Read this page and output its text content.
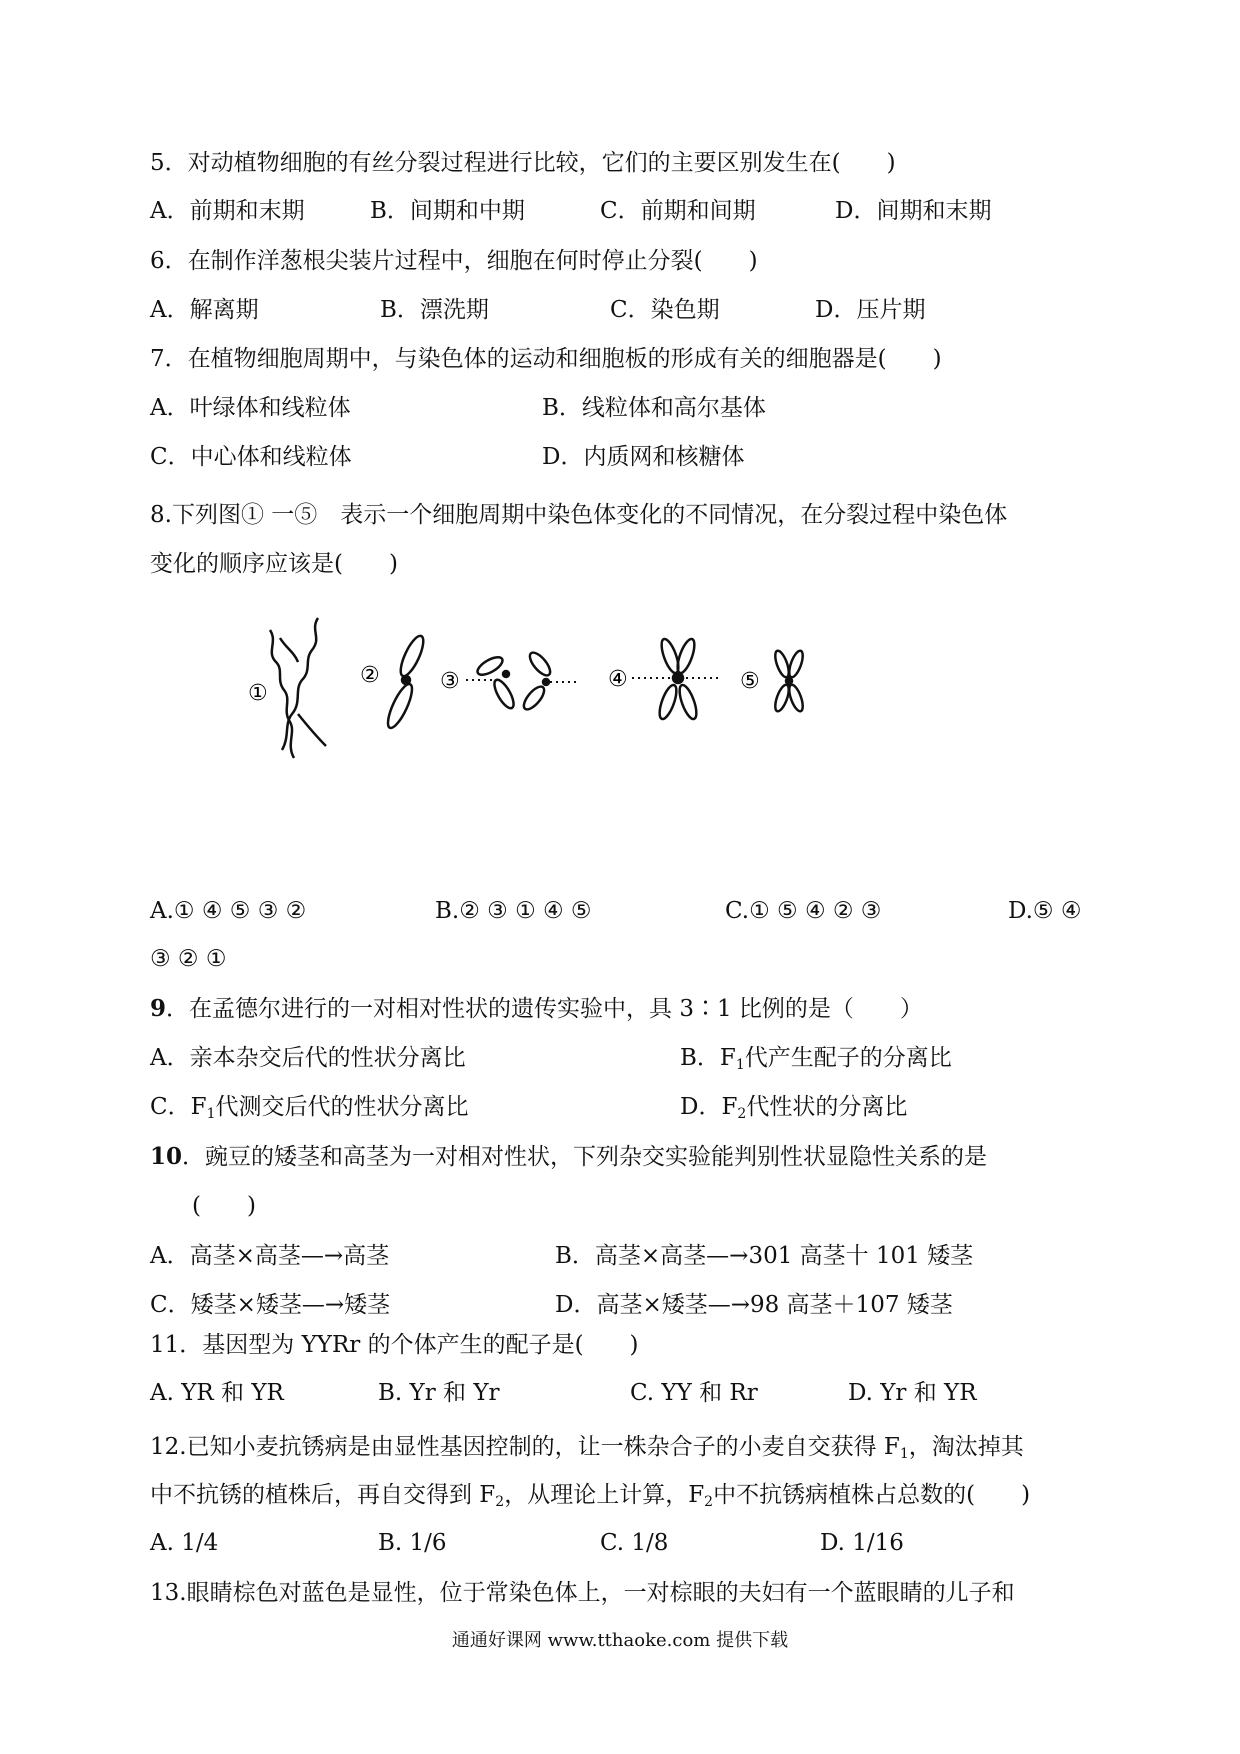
5．对动植物细胞的有丝分裂过程进行比较，它们的主要区别发生在(　　)
A．前期和末期	B．间期和中期	C．前期和间期	D．间期和末期
6．在制作洋葱根尖装片过程中，细胞在何时停止分裂(　　)
A．解离期	B．漂洗期	C．染色期	D．压片期
7．在植物细胞周期中，与染色体的运动和细胞板的形成有关的细胞器是(　　)
A．叶绿体和线粒体	B．线粒体和高尔基体
C．中心体和线粒体	D．内质网和核糖体
8.下列图① 一⑤　表示一个细胞周期中染色体变化的不同情况，在分裂过程中染色体
变化的顺序应该是(　　)
①
②	③	④	⑤
A.① ④ ⑤ ③ ②	B.② ③ ① ④ ⑤	C.① ⑤ ④ ② ③	D.⑤ ④
③ ② ①
9．在孟德尔进行的一对相对性状的遗传实验中，具 3∶1 比例的是（　　）
A．亲本杂交后代的性状分离比	B．$F_1$代产生配子的分离比
C．$F_1$代测交后代的性状分离比	D．$F_2$代性状的分离比
10．豌豆的矮茎和高茎为一对相对性状，下列杂交实验能判别性状显隐性关系的是
(　　)
A．高茎×高茎—→高茎	B．高茎×高茎—→301 高茎十 101 矮茎
C．矮茎×矮茎—→矮茎	D．高茎×矮茎—→98 高茎＋107 矮茎
11．基因型为 YYRr 的个体产生的配子是(　　)
A. YR 和 YR	B. Yr 和 Yr	C. YY 和 Rr	D. Yr 和 YR
12.已知小麦抗锈病是由显性基因控制的，让一株杂合子的小麦自交获得 $F_1$，淘汰掉其
中不抗锈的植株后，再自交得到 $F_2$，从理论上计算，$F_2$中不抗锈病植株占总数的(　　)
A. 1/4	B. 1/6	C. 1/8	D. 1/16
13.眼睛棕色对蓝色是显性，位于常染色体上，一对棕眼的夫妇有一个蓝眼睛的儿子和
通通好课网 www.tthaoke.com 提供下载
